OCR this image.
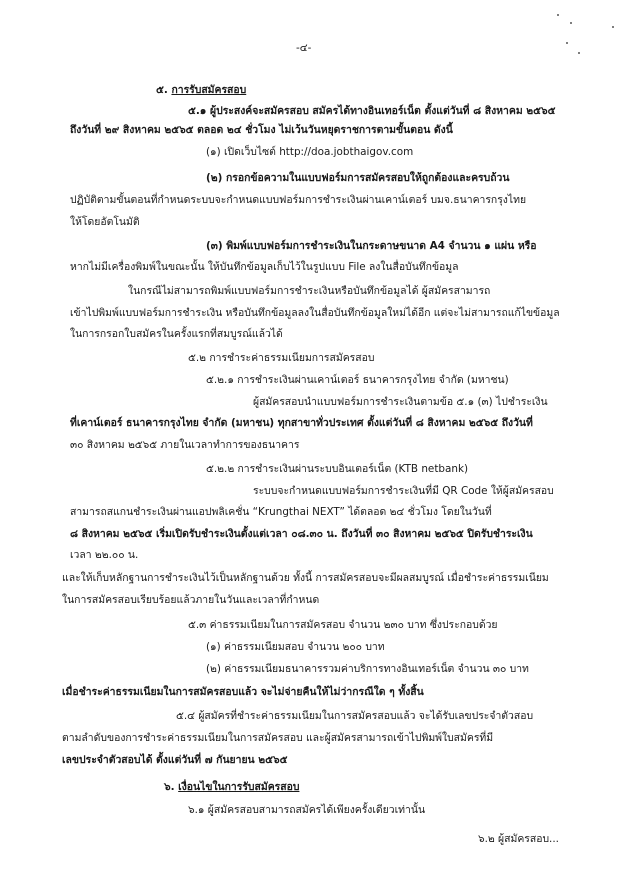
-๔-
๕. การรับสมัครสอบ
๕.๑ ผู้ประสงค์จะสมัครสอบ สมัครได้ทางอินเทอร์เน็ต ตั้งแต่วันที่ ๘ สิงหาคม ๒๕๖๕
ถึงวันที่ ๒๙ สิงหาคม ๒๕๖๕ ตลอด ๒๔ ชั่วโมง ไม่เว้นวันหยุดราชการตามขั้นตอน ดังนี้
(๑) เปิดเว็บไซต์ http://doa.jobthaigov.com
(๒) กรอกข้อความในแบบฟอร์มการสมัครสอบให้ถูกต้องและครบถ้วน
ปฏิบัติตามขั้นตอนที่กำหนดระบบจะกำหนดแบบฟอร์มการชำระเงินผ่านเคาน์เตอร์ บมจ.ธนาคารกรุงไทย
ให้โดยอัตโนมัติ
(๓) พิมพ์แบบฟอร์มการชำระเงินในกระดาษขนาด A4 จำนวน ๑ แผ่น หรือ
หากไม่มีเครื่องพิมพ์ในขณะนั้น ให้บันทึกข้อมูลเก็บไว้ในรูปแบบ File ลงในสื่อบันทึกข้อมูล
ในกรณีไม่สามารถพิมพ์แบบฟอร์มการชำระเงินหรือบันทึกข้อมูลได้ ผู้สมัครสามารถ
เข้าไปพิมพ์แบบฟอร์มการชำระเงิน หรือบันทึกข้อมูลลงในสื่อบันทึกข้อมูลใหม่ได้อีก แต่จะไม่สามารถแก้ไขข้อมูล
ในการกรอกใบสมัครในครั้งแรกที่สมบูรณ์แล้วได้
๕.๒ การชำระค่าธรรมเนียมการสมัครสอบ
๕.๒.๑ การชำระเงินผ่านเคาน์เตอร์ ธนาคารกรุงไทย จำกัด (มหาชน)
ผู้สมัครสอบนำแบบฟอร์มการชำระเงินตามข้อ ๕.๑ (๓) ไปชำระเงิน
ที่เคาน์เตอร์ ธนาคารกรุงไทย จำกัด (มหาชน) ทุกสาขาทั่วประเทศ ตั้งแต่วันที่ ๘ สิงหาคม ๒๕๖๕ ถึงวันที่
๓๐ สิงหาคม ๒๕๖๕ ภายในเวลาทำการของธนาคาร
๕.๒.๒ การชำระเงินผ่านระบบอินเตอร์เน็ต (KTB netbank)
ระบบจะกำหนดแบบฟอร์มการชำระเงินที่มี QR Code ให้ผู้สมัครสอบ
สามารถสแกนชำระเงินผ่านแอปพลิเคชั่น “Krungthai NEXT” ได้ตลอด ๒๔ ชั่วโมง โดยในวันที่
๘ สิงหาคม ๒๕๖๕ เริ่มเปิดรับชำระเงินตั้งแต่เวลา ๐๘.๓๐ น. ถึงวันที่ ๓๐ สิงหาคม ๒๕๖๕ ปิดรับชำระเงิน
เวลา ๒๒.๐๐ น.
และให้เก็บหลักฐานการชำระเงินไว้เป็นหลักฐานด้วย ทั้งนี้ การสมัครสอบจะมีผลสมบูรณ์ เมื่อชำระค่าธรรมเนียม
ในการสมัครสอบเรียบร้อยแล้วภายในวันและเวลาที่กำหนด
๕.๓ ค่าธรรมเนียมในการสมัครสอบ จำนวน ๒๓๐ บาท ซึ่งประกอบด้วย
(๑) ค่าธรรมเนียมสอบ จำนวน ๒๐๐ บาท
(๒) ค่าธรรมเนียมธนาคารรวมค่าบริการทางอินเทอร์เน็ต จำนวน ๓๐ บาท
เมื่อชำระค่าธรรมเนียมในการสมัครสอบแล้ว จะไม่จ่ายคืนให้ไม่ว่ากรณีใด ๆ ทั้งสิ้น
๕.๔ ผู้สมัครที่ชำระค่าธรรมเนียมในการสมัครสอบแล้ว จะได้รับเลขประจำตัวสอบ
ตามลำดับของการชำระค่าธรรมเนียมในการสมัครสอบ และผู้สมัครสามารถเข้าไปพิมพ์ใบสมัครที่มี
เลขประจำตัวสอบได้ ตั้งแต่วันที่ ๗ กันยายน ๒๕๖๕
๖. เงื่อนไขในการรับสมัครสอบ
๖.๑ ผู้สมัครสอบสามารถสมัครได้เพียงครั้งเดียวเท่านั้น
๖.๒ ผู้สมัครสอบ...
